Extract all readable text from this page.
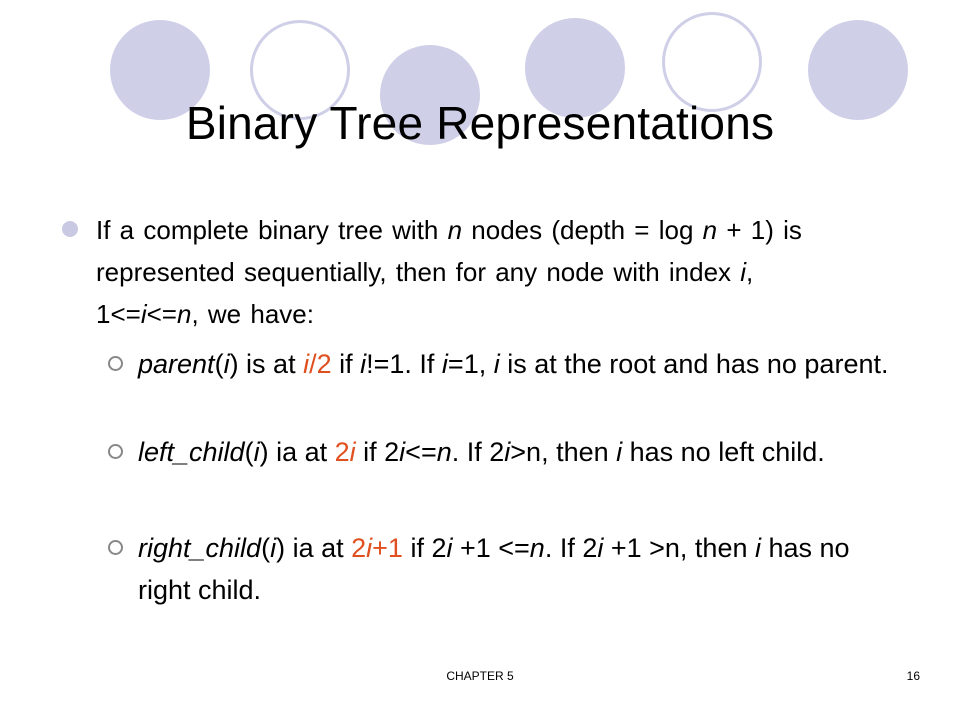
Binary Tree Representations
If a complete binary tree with n nodes (depth = log n + 1) is represented sequentially, then for any node with index i, 1<=i<=n, we have:
parent(i) is at i/2 if i!=1. If i=1, i is at the root and has no parent.
left_child(i) ia at 2i if 2i<=n. If 2i>n, then i has no left child.
right_child(i) ia at 2i+1 if 2i +1 <=n. If 2i +1 >n, then i has no right child.
CHAPTER 5	16
